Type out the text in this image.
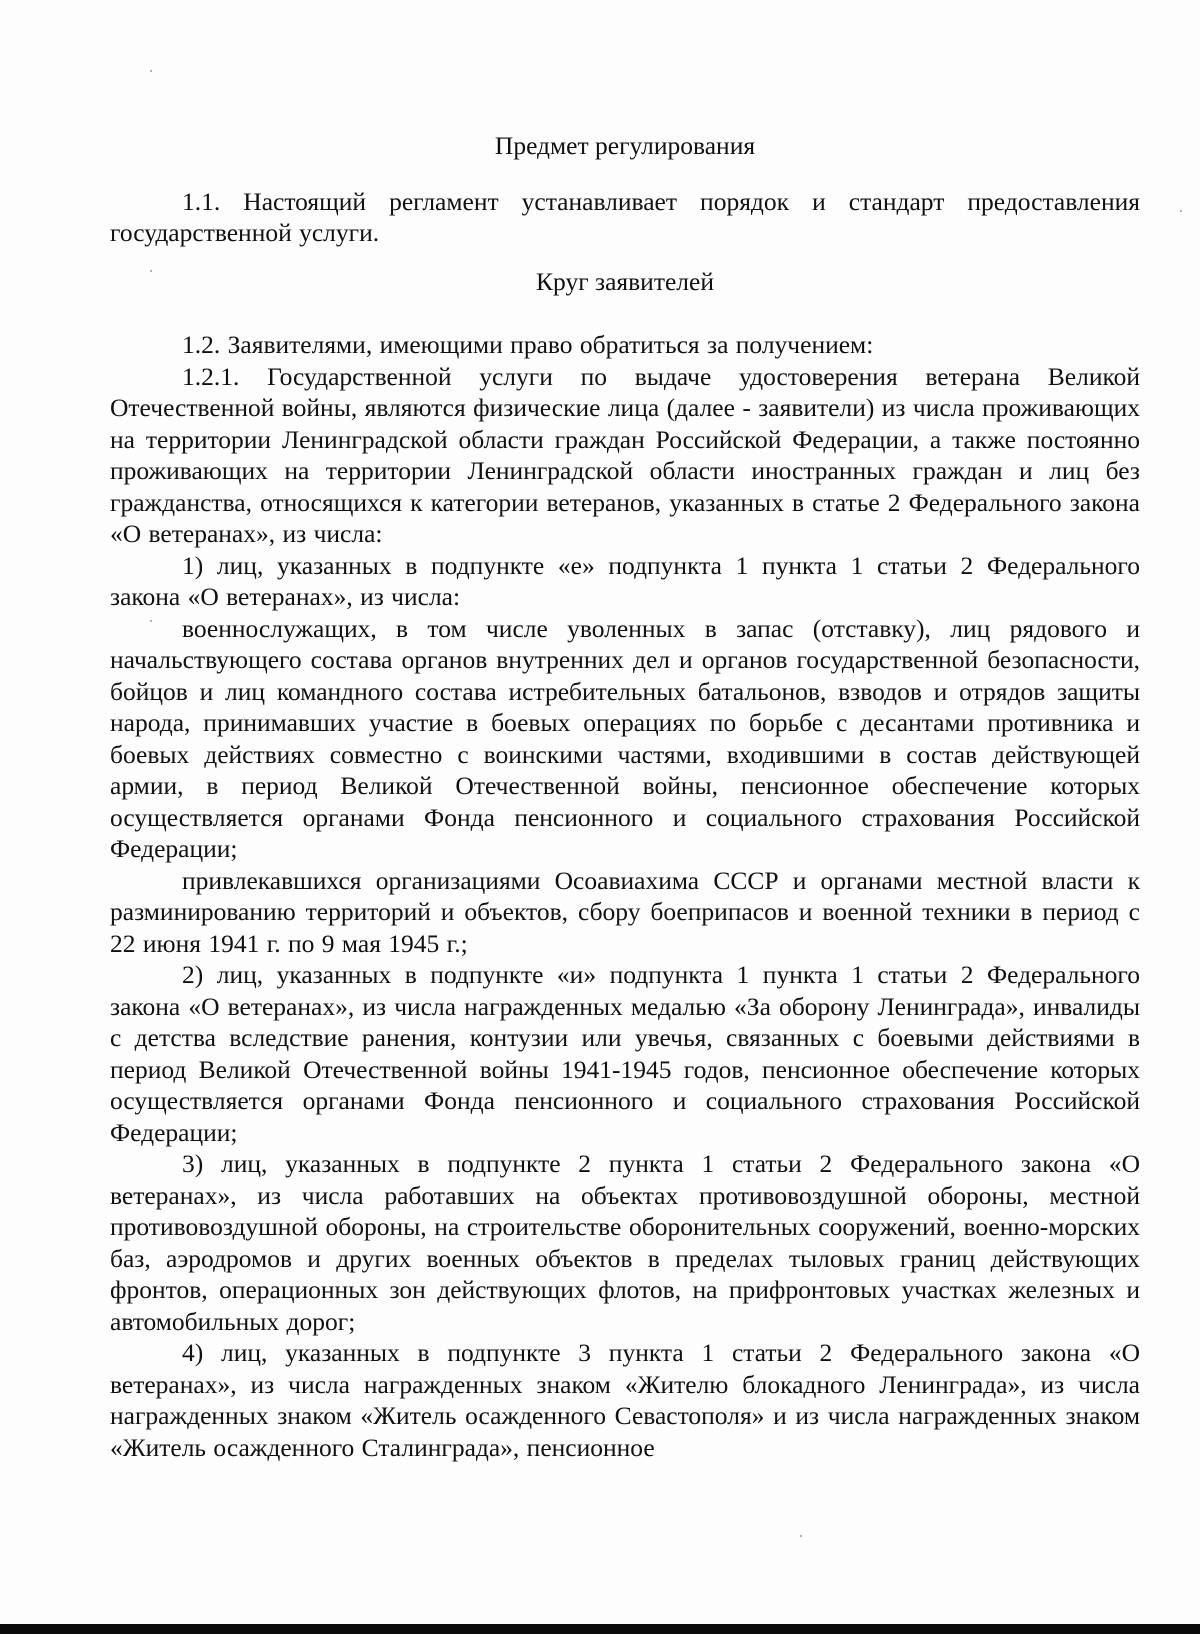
Предмет регулирования

1.1. Настоящий регламент устанавливает порядок и стандарт предоставления государственной услуги.

Круг заявителей

1.2. Заявителями, имеющими право обратиться за получением:

1.2.1. Государственной услуги по выдаче удостоверения ветерана Великой Отечественной войны, являются физические лица (далее - заявители) из числа проживающих на территории Ленинградской области граждан Российской Федерации, а также постоянно проживающих на территории Ленинградской области иностранных граждан и лиц без гражданства, относящихся к категории ветеранов, указанных в статье 2 Федерального закона «О ветеранах», из числа:

1) лиц, указанных в подпункте «е» подпункта 1 пункта 1 статьи 2 Федерального закона «О ветеранах», из числа:

военнослужащих, в том числе уволенных в запас (отставку), лиц рядового и начальствующего состава органов внутренних дел и органов государственной безопасности, бойцов и лиц командного состава истребительных батальонов, взводов и отрядов защиты народа, принимавших участие в боевых операциях по борьбе с десантами противника и боевых действиях совместно с воинскими частями, входившими в состав действующей армии, в период Великой Отечественной войны, пенсионное обеспечение которых осуществляется органами Фонда пенсионного и социального страхования Российской Федерации;

привлекавшихся организациями Осоавиахима СССР и органами местной власти к разминированию территорий и объектов, сбору боеприпасов и военной техники в период с 22 июня 1941 г. по 9 мая 1945 г.;

2) лиц, указанных в подпункте «и» подпункта 1 пункта 1 статьи 2 Федерального закона «О ветеранах», из числа награжденных медалью «За оборону Ленинграда», инвалиды с детства вследствие ранения, контузии или увечья, связанных с боевыми действиями в период Великой Отечественной войны 1941-1945 годов, пенсионное обеспечение которых осуществляется органами Фонда пенсионного и социального страхования Российской Федерации;

3) лиц, указанных в подпункте 2 пункта 1 статьи 2 Федерального закона «О ветеранах», из числа работавших на объектах противовоздушной обороны, местной противовоздушной обороны, на строительстве оборонительных сооружений, военно-морских баз, аэродромов и других военных объектов в пределах тыловых границ действующих фронтов, операционных зон действующих флотов, на прифронтовых участках железных и автомобильных дорог;

4) лиц, указанных в подпункте 3 пункта 1 статьи 2 Федерального закона «О ветеранах», из числа награжденных знаком «Жителю блокадного Ленинграда», из числа награжденных знаком «Житель осажденного Севастополя» и из числа награжденных знаком «Житель осажденного Сталинграда», пенсионное
